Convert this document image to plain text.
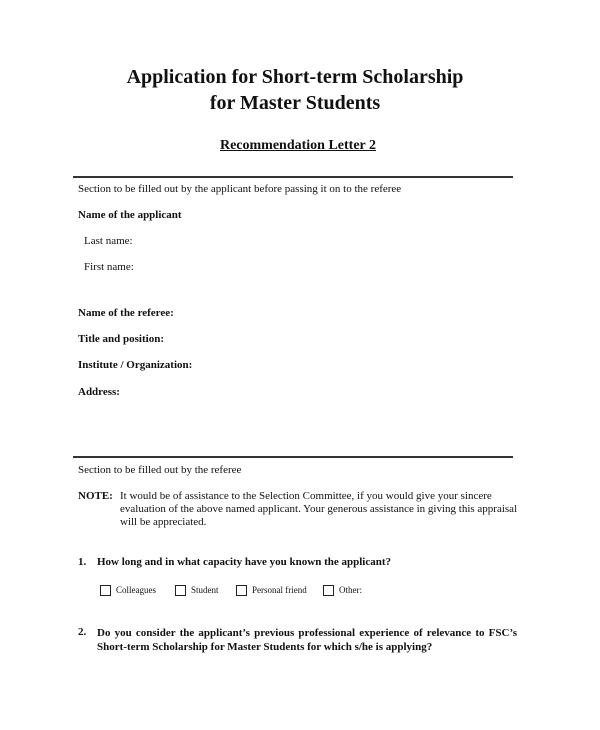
Application for Short-term Scholarship
for Master Students
Recommendation Letter 2
Section to be filled out by the applicant before passing it on to the referee
Name of the applicant
Last name:
First name:
Name of the referee:
Title and position:
Institute / Organization:
Address:
Section to be filled out by the referee
NOTE: It would be of assistance to the Selection Committee, if you would give your sincere evaluation of the above named applicant. Your generous assistance in giving this appraisal will be appreciated.
1. How long and in what capacity have you known the applicant?
Colleagues	Student	Personal friend	Other:
2. Do you consider the applicant’s previous professional experience of relevance to FSC’s Short-term Scholarship for Master Students for which s/he is applying?
